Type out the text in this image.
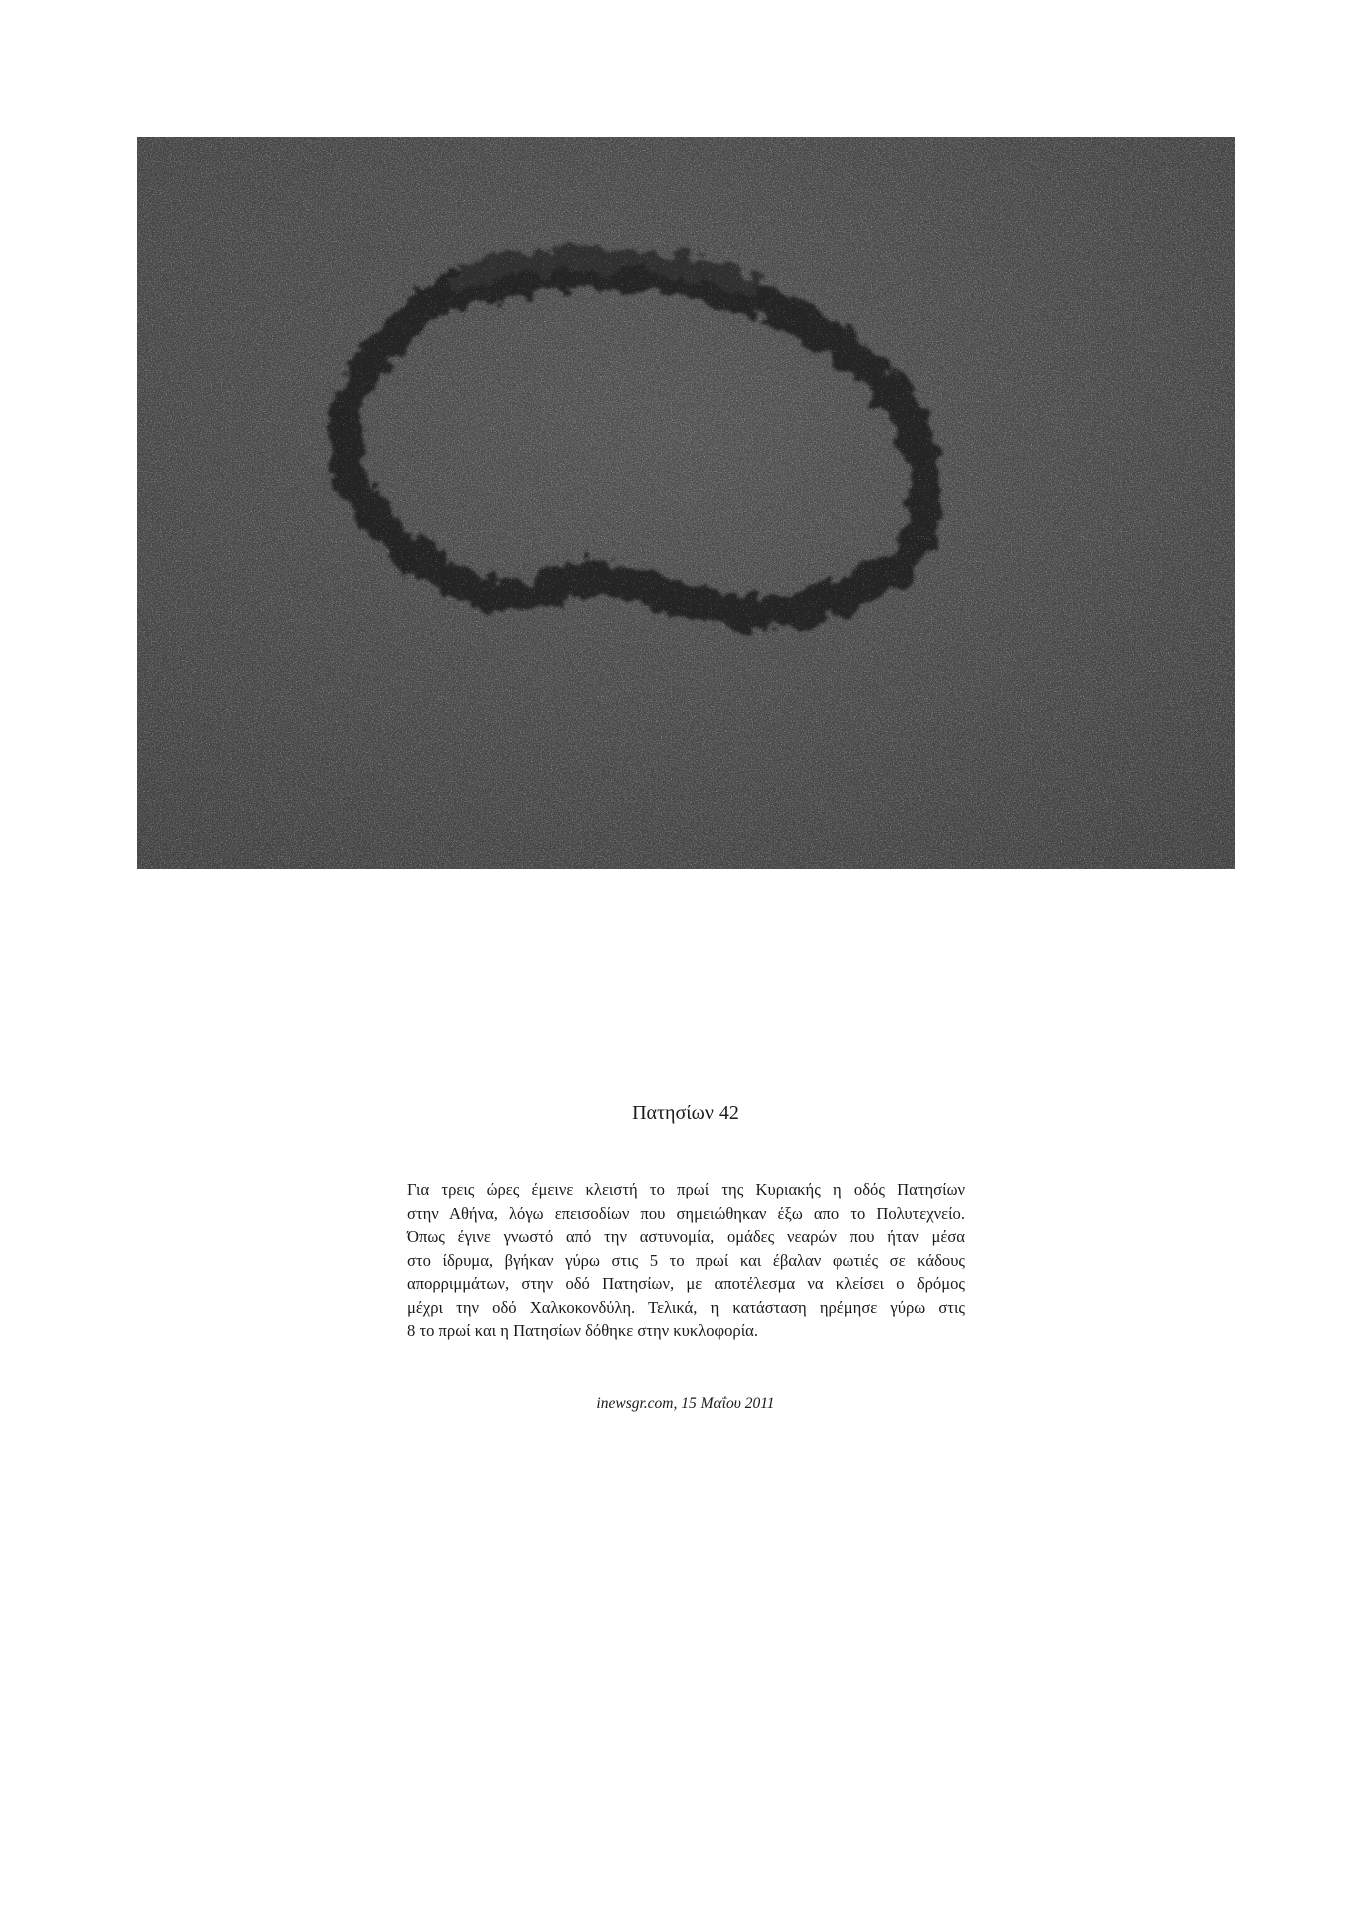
Πατησίων 42
Για τρεις ώρες έμεινε κλειστή το πρωί της Κυριακής η οδός Πατησίων
στην Αθήνα, λόγω επεισοδίων που σημειώθηκαν έξω απο το Πολυτεχνείο.
Όπως έγινε γνωστό από την αστυνομία, ομάδες νεαρών που ήταν μέσα
στο ίδρυμα, βγήκαν γύρω στις 5 το πρωί και έβαλαν φωτιές σε κάδους
απορριμμάτων, στην οδό Πατησίων, με αποτέλεσμα να κλείσει ο δρόμος
μέχρι την οδό Χαλκοκονδύλη. Τελικά, η κατάσταση ηρέμησε γύρω στις
8 το πρωί και η Πατησίων δόθηκε στην κυκλοφορία.
inewsgr.com, 15 Μαΐου 2011
